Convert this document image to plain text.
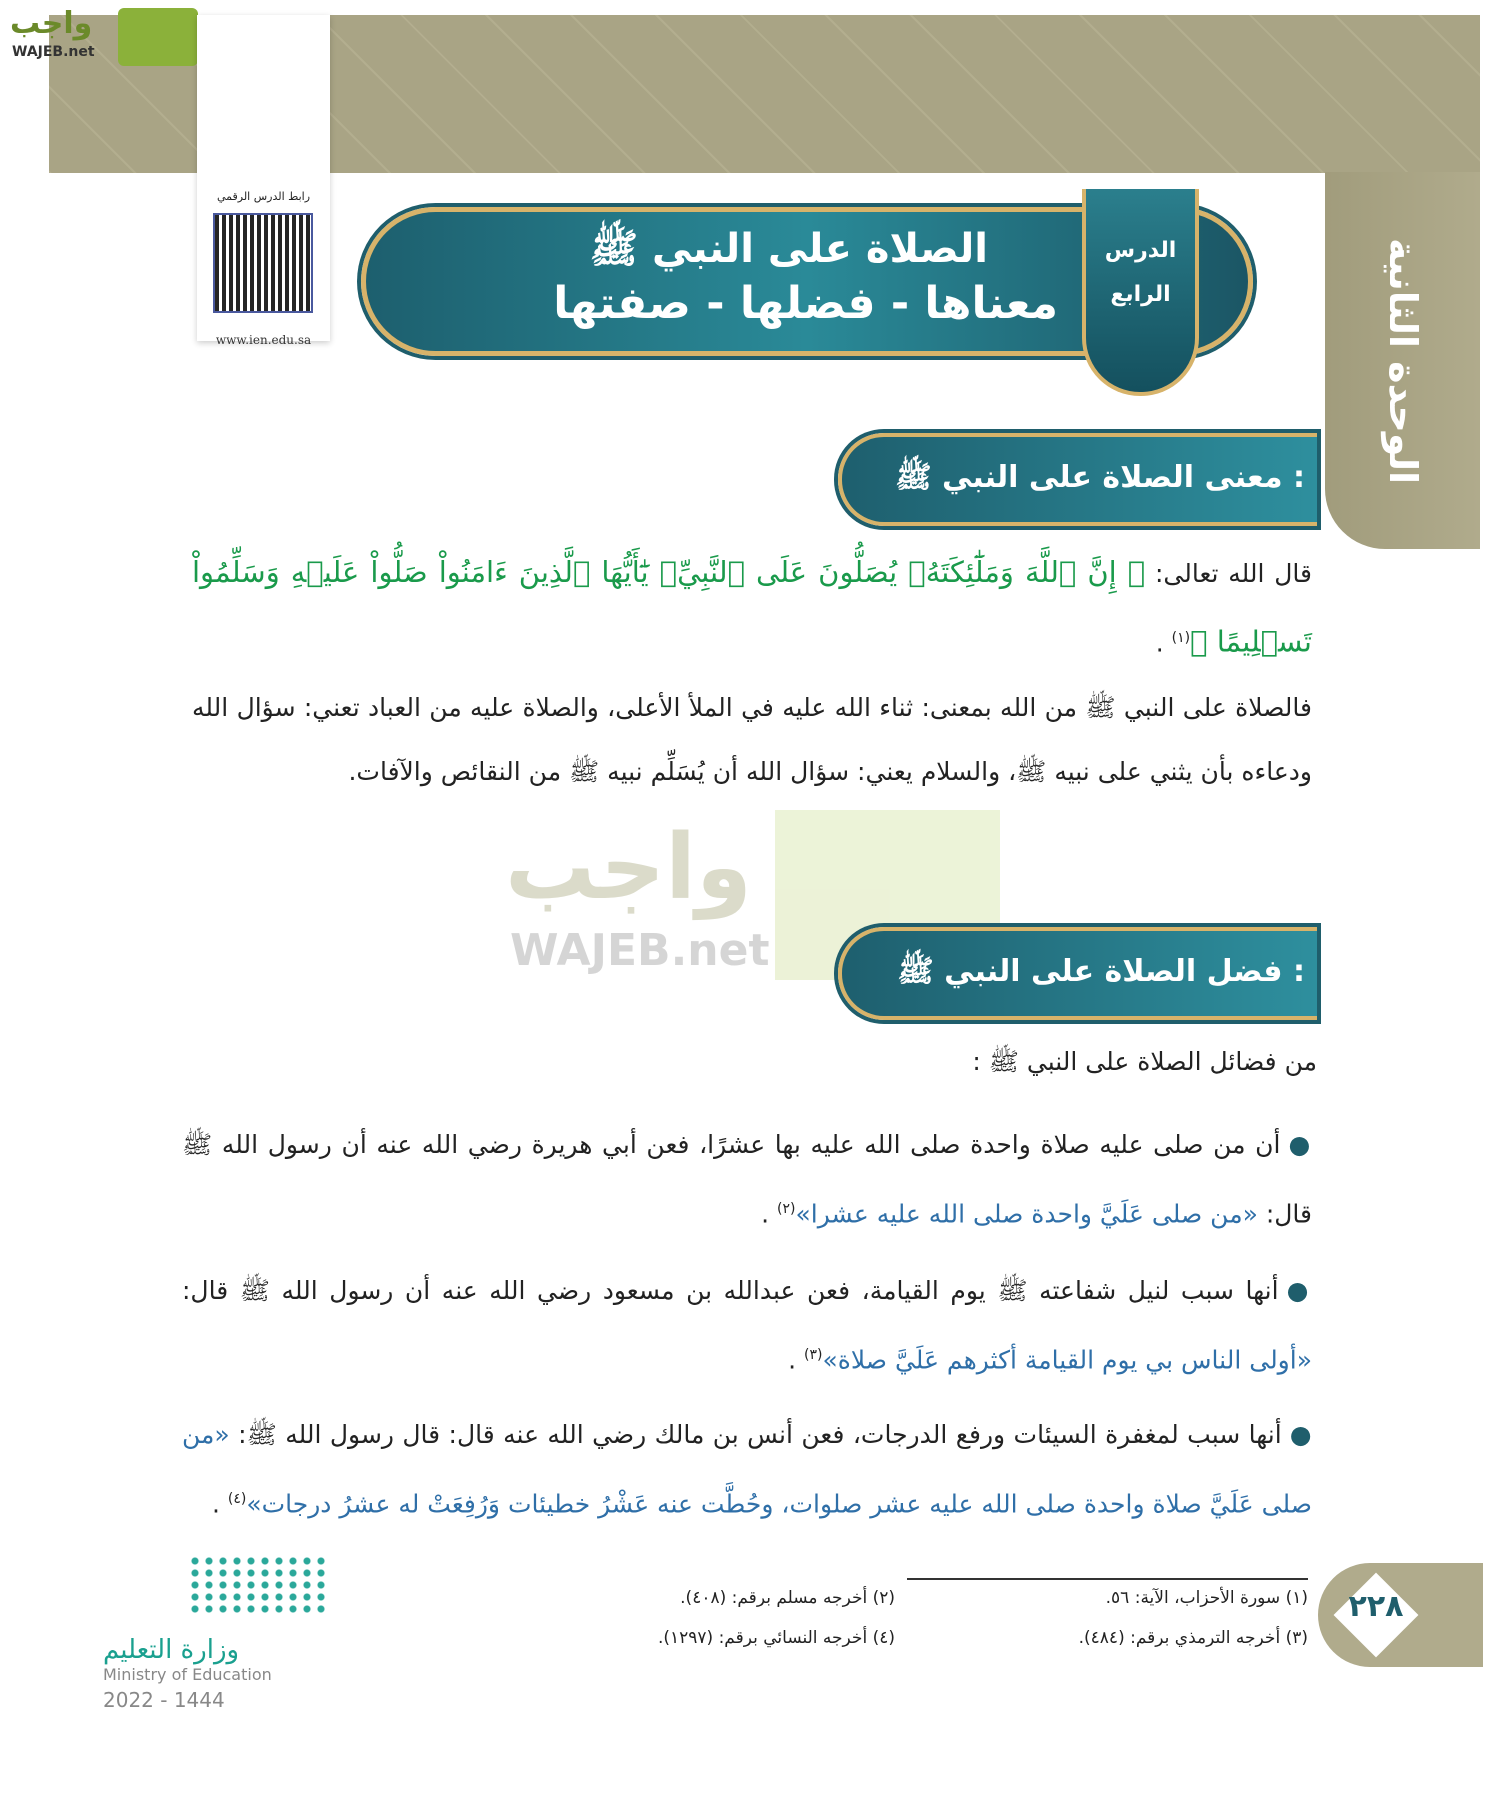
واجب
WAJEB.net
الوحدة الثانية
رابط الدرس الرقمي
www.ien.edu.sa
الصلاة على النبي ﷺ
معناها - فضلها - صفتها
الدرس
الرابع
معنى الصلاة على النبي ﷺ :
قال الله تعالى: ﴿ إِنَّ ٱللَّهَ وَمَلَٰٓئِكَتَهُۥ يُصَلُّونَ عَلَى ٱلنَّبِيِّۚ يَٰٓأَيُّهَا ٱلَّذِينَ ءَامَنُواْ صَلُّواْ عَلَيۡهِ وَسَلِّمُواْ تَسۡلِيمًا ﴾$^{(١)}$ .
فالصلاة على النبي ﷺ من الله بمعنى: ثناء الله عليه في الملأ الأعلى، والصلاة عليه من العباد تعني: سؤال الله ودعاءه بأن يثني على نبيه ﷺ، والسلام يعني: سؤال الله أن يُسَلِّم نبيه ﷺ من النقائص والآفات.
واجب
WAJEB.net	فضل الصلاة على النبي ﷺ :
من فضائل الصلاة على النبي ﷺ :
●أن من صلى عليه صلاة واحدة صلى الله عليه بها عشرًا، فعن أبي هريرة رضي الله عنه أن رسول الله ﷺ قال: «من صلى عَلَيَّ واحدة صلى الله عليه عشرا»$^{(٢)}$ .
●أنها سبب لنيل شفاعته ﷺ يوم القيامة، فعن عبدالله بن مسعود رضي الله عنه أن رسول الله ﷺ قال: «أولى الناس بي يوم القيامة أكثرهم عَلَيَّ صلاة»$^{(٣)}$ .
●أنها سبب لمغفرة السيئات ورفع الدرجات، فعن أنس بن مالك رضي الله عنه قال: قال رسول الله ﷺ: «من صلى عَلَيَّ صلاة واحدة صلى الله عليه عشر صلوات، وحُطَّت عنه عَشْرُ خطيئات وَرُفِعَتْ له عشرُ درجات»$^{(٤)}$ .
(١) سورة الأحزاب، الآية: ٥٦.
(٢) أخرجه مسلم برقم: (٤٠٨).
(٣) أخرجه الترمذي برقم: (٤٨٤).
(٤) أخرجه النسائي برقم: (١٢٩٧).
٢٢٨
وزارة التعليم
Ministry of Education
2022 - 1444
